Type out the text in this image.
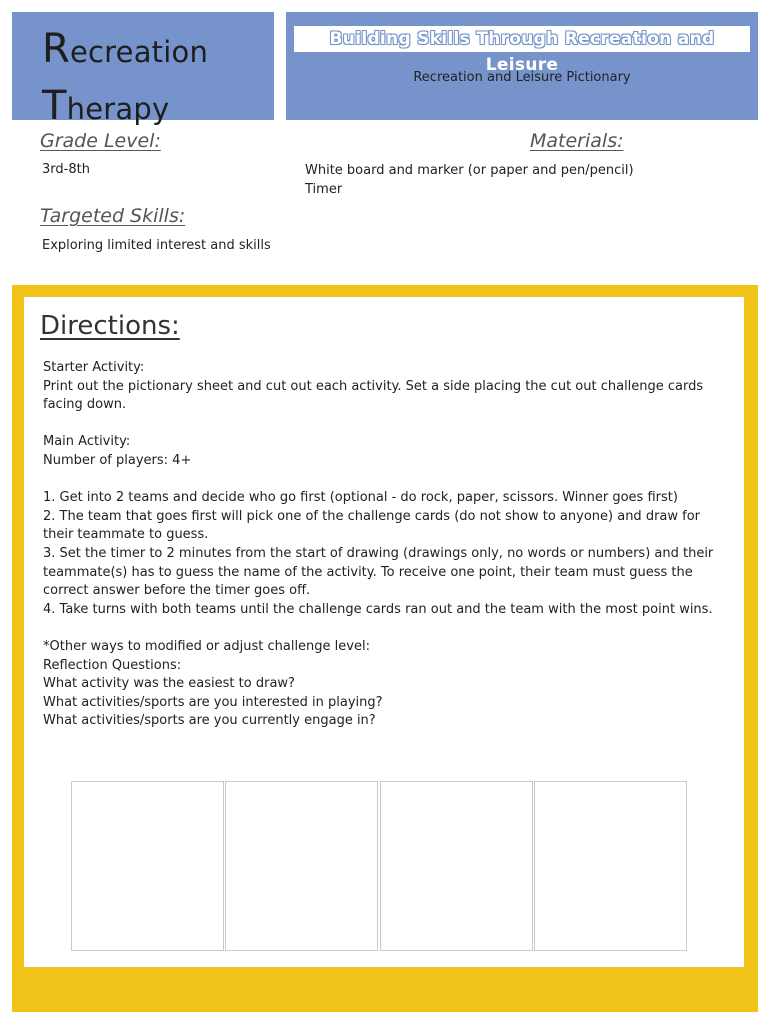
Recreation
Therapy
Building Skills Through Recreation and Leisure
Recreation and Leisure Pictionary
Grade Level:
3rd-8th
Targeted Skills:
Exploring limited interest and skills
Materials:
White board and marker (or paper and pen/pencil)
Timer
Directions:

Starter Activity:

Print out the pictionary sheet and cut out each activity. Set a side placing the cut out challenge cards facing down.

Main Activity:

Number of players: 4+

1. Get into 2 teams and decide who go first (optional - do rock, paper, scissors. Winner goes first)

2. The team that goes first will pick one of the challenge cards (do not show to anyone) and draw for their teammate to guess.

3. Set the timer to 2 minutes from the start of drawing (drawings only, no words or numbers) and their teammate(s) has to guess the name of the activity. To receive one point, their team must guess the correct answer before the timer goes off.

4. Take turns with both teams until the challenge cards ran out and the team with the most point wins.

*Other ways to modified or adjust challenge level:

Reflection Questions:

What activity was the easiest to draw?

What activities/sports are you interested in playing?

What activities/sports are you currently engage in?
